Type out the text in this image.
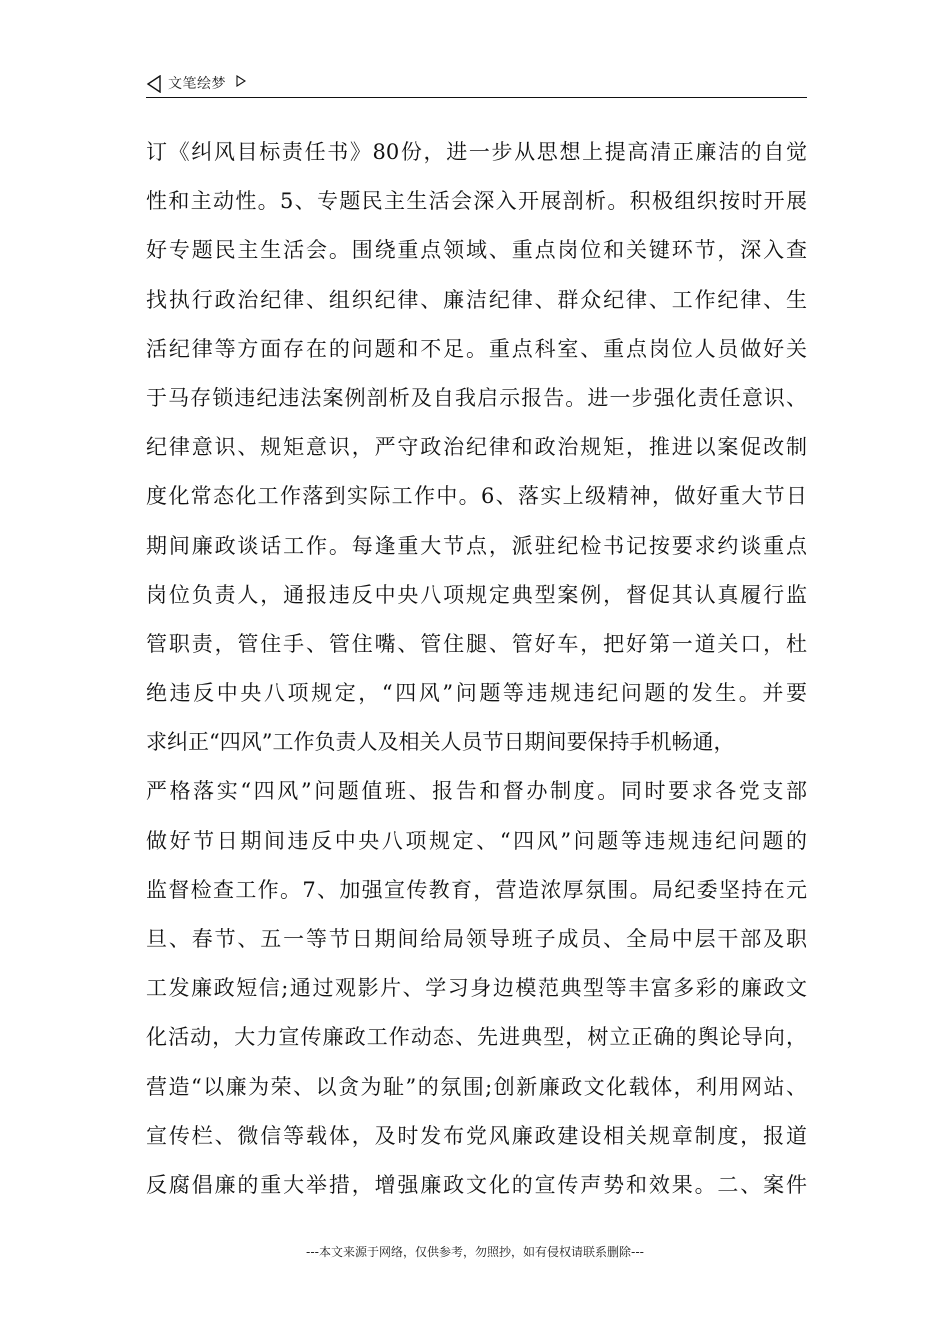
文笔绘梦
订《纠风目标责任书》80份，进一步从思想上提高清正廉洁的自觉
性和主动性。5、专题民主生活会深入开展剖析。积极组织按时开展
好专题民主生活会。围绕重点领域、重点岗位和关键环节，深入查
找执行政治纪律、组织纪律、廉洁纪律、群众纪律、工作纪律、生
活纪律等方面存在的问题和不足。重点科室、重点岗位人员做好关
于马存锁违纪违法案例剖析及自我启示报告。进一步强化责任意识、
纪律意识、规矩意识，严守政治纪律和政治规矩，推进以案促改制
度化常态化工作落到实际工作中。6、落实上级精神，做好重大节日
期间廉政谈话工作。每逢重大节点，派驻纪检书记按要求约谈重点
岗位负责人，通报违反中央八项规定典型案例，督促其认真履行监
管职责，管住手、管住嘴、管住腿、管好车，把好第一道关口，杜
绝违反中央八项规定，“四风”问题等违规违纪问题的发生。并要
求纠正“四风”工作负责人及相关人员节日期间要保持手机畅通，
严格落实“四风”问题值班、报告和督办制度。同时要求各党支部
做好节日期间违反中央八项规定、“四风”问题等违规违纪问题的
监督检查工作。7、加强宣传教育，营造浓厚氛围。局纪委坚持在元
旦、春节、五一等节日期间给局领导班子成员、全局中层干部及职
工发廉政短信;通过观影片、学习身边模范典型等丰富多彩的廉政文
化活动，大力宣传廉政工作动态、先进典型，树立正确的舆论导向，
营造“以廉为荣、以贪为耻”的氛围;创新廉政文化载体，利用网站、
宣传栏、微信等载体，及时发布党风廉政建设相关规章制度，报道
反腐倡廉的重大举措，增强廉政文化的宣传声势和效果。二、案件
---本文来源于网络，仅供参考，勿照抄，如有侵权请联系删除---
